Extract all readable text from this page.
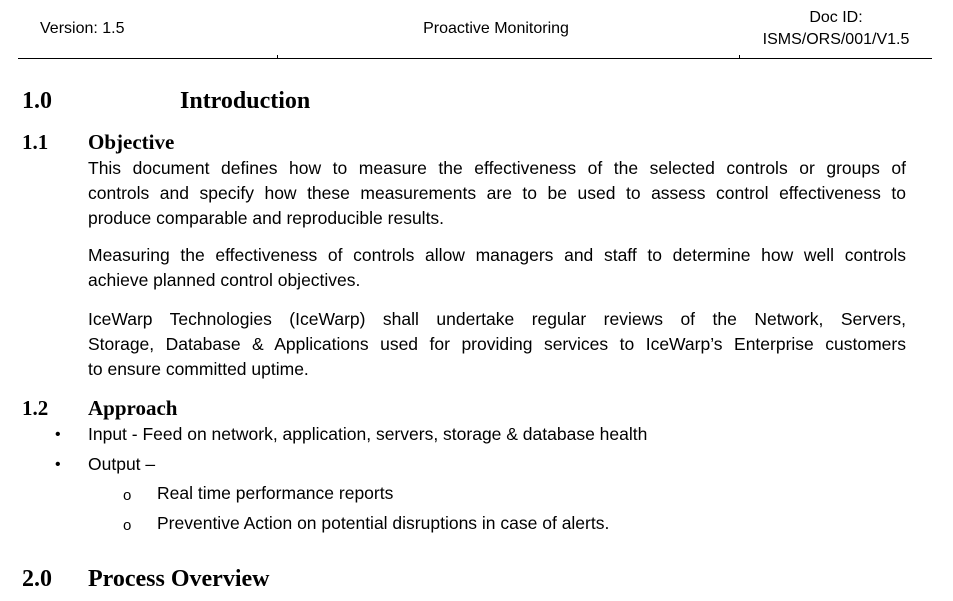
Version: 1.5	Proactive Monitoring
Doc ID:
ISMS/ORS/001/V1.5
1.0	Introduction
1.1 Objective
This document defines how to measure the effectiveness of the selected controls or groups of
controls and specify how these measurements are to be used to assess control effectiveness to
produce comparable and reproducible results.
Measuring the effectiveness of controls allow managers and staff to determine how well controls
achieve planned control objectives.
IceWarp Technologies (IceWarp) shall undertake regular reviews of the Network, Servers,
Storage, Database & Applications used for providing services to IceWarp’s Enterprise customers
to ensure committed uptime.
1.2 Approach
• Input - Feed on network, application, servers, storage & database health
• Output –
o Real time performance reports
o Preventive Action on potential disruptions in case of alerts.
2.0 Process Overview
